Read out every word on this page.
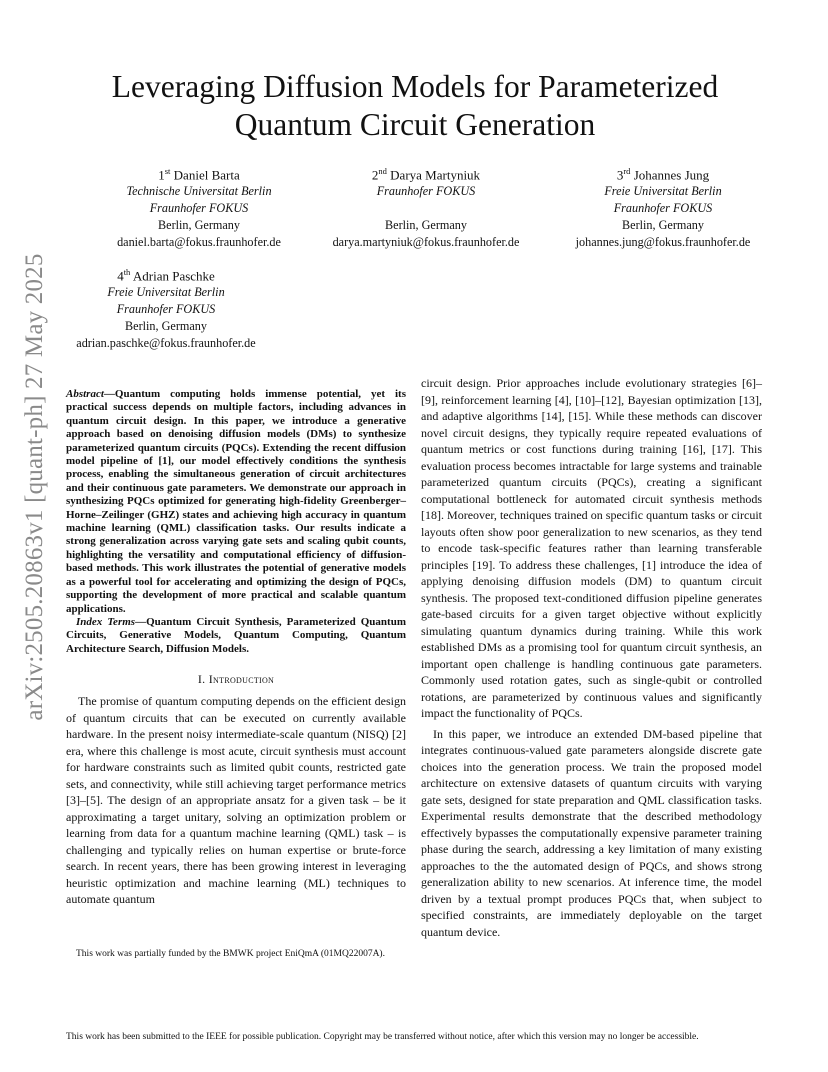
arXiv:2505.20863v1 [quant-ph] 27 May 2025
Leveraging Diffusion Models for Parameterized
Quantum Circuit Generation
1st Daniel Barta
Technische Universitat Berlin
Fraunhofer FOKUS
Berlin, Germany
daniel.barta@fokus.fraunhofer.de
2nd Darya Martyniuk
Fraunhofer FOKUS
Berlin, Germany
darya.martyniuk@fokus.fraunhofer.de
3rd Johannes Jung
Freie Universitat Berlin
Fraunhofer FOKUS
Berlin, Germany
johannes.jung@fokus.fraunhofer.de
4th Adrian Paschke
Freie Universitat Berlin
Fraunhofer FOKUS
Berlin, Germany
adrian.paschke@fokus.fraunhofer.de

Abstract—Quantum computing holds immense potential, yet its practical success depends on multiple factors, including advances in quantum circuit design. In this paper, we introduce a generative approach based on denoising diffusion models (DMs) to synthesize parameterized quantum circuits (PQCs). Extending the recent diffusion model pipeline of [1], our model effectively conditions the synthesis process, enabling the simultaneous generation of circuit architectures and their continuous gate parameters. We demonstrate our approach in synthesizing PQCs optimized for generating high-fidelity Greenberger–Horne–Zeilinger (GHZ) states and achieving high accuracy in quantum machine learning (QML) classification tasks. Our results indicate a strong generalization across varying gate sets and scaling qubit counts, highlighting the versatility and computational efficiency of diffusion-based methods. This work illustrates the potential of generative models as a powerful tool for accelerating and optimizing the design of PQCs, supporting the development of more practical and scalable quantum applications.

Index Terms—Quantum Circuit Synthesis, Parameterized Quantum Circuits, Generative Models, Quantum Computing, Quantum Architecture Search, Diffusion Models.

I. Introduction

The promise of quantum computing depends on the efficient design of quantum circuits that can be executed on currently available hardware. In the present noisy intermediate-scale quantum (NISQ) [2] era, where this challenge is most acute, circuit synthesis must account for hardware constraints such as limited qubit counts, restricted gate sets, and connectivity, while still achieving target performance metrics [3]–[5]. The design of an appropriate ansatz for a given task – be it approximating a target unitary, solving an optimization problem or learning from data for a quantum machine learning (QML) task – is challenging and typically relies on human expertise or brute-force search. In recent years, there has been growing interest in leveraging heuristic optimization and machine learning (ML) techniques to automate quantum

This work was partially funded by the BMWK project EniQmA (01MQ22007A).

circuit design. Prior approaches include evolutionary strategies [6]–[9], reinforcement learning [4], [10]–[12], Bayesian optimization [13], and adaptive algorithms [14], [15]. While these methods can discover novel circuit designs, they typically require repeated evaluations of quantum metrics or cost functions during training [16], [17]. This evaluation process becomes intractable for large systems and trainable parameterized quantum circuits (PQCs), creating a significant computational bottleneck for automated circuit synthesis methods [18]. Moreover, techniques trained on specific quantum tasks or circuit layouts often show poor generalization to new scenarios, as they tend to encode task-specific features rather than learning transferable principles [19]. To address these challenges, [1] introduce the idea of applying denoising diffusion models (DM) to quantum circuit synthesis. The proposed text-conditioned diffusion pipeline generates gate-based circuits for a given target objective without explicitly simulating quantum dynamics during training. While this work established DMs as a promising tool for quantum circuit synthesis, an important open challenge is handling continuous gate parameters. Commonly used rotation gates, such as single-qubit or controlled rotations, are parameterized by continuous values and significantly impact the functionality of PQCs.

In this paper, we introduce an extended DM-based pipeline that integrates continuous-valued gate parameters alongside discrete gate choices into the generation process. We train the proposed model architecture on extensive datasets of quantum circuits with varying gate sets, designed for state preparation and QML classification tasks. Experimental results demonstrate that the described methodology effectively bypasses the computationally expensive parameter training phase during the search, addressing a key limitation of many existing approaches to the the automated design of PQCs, and shows strong generalization ability to new scenarios. At inference time, the model driven by a textual prompt produces PQCs that, when subject to specified constraints, are immediately deployable on the target quantum device.

This work has been submitted to the IEEE for possible publication. Copyright may be transferred without notice, after which this version may no longer be accessible.
